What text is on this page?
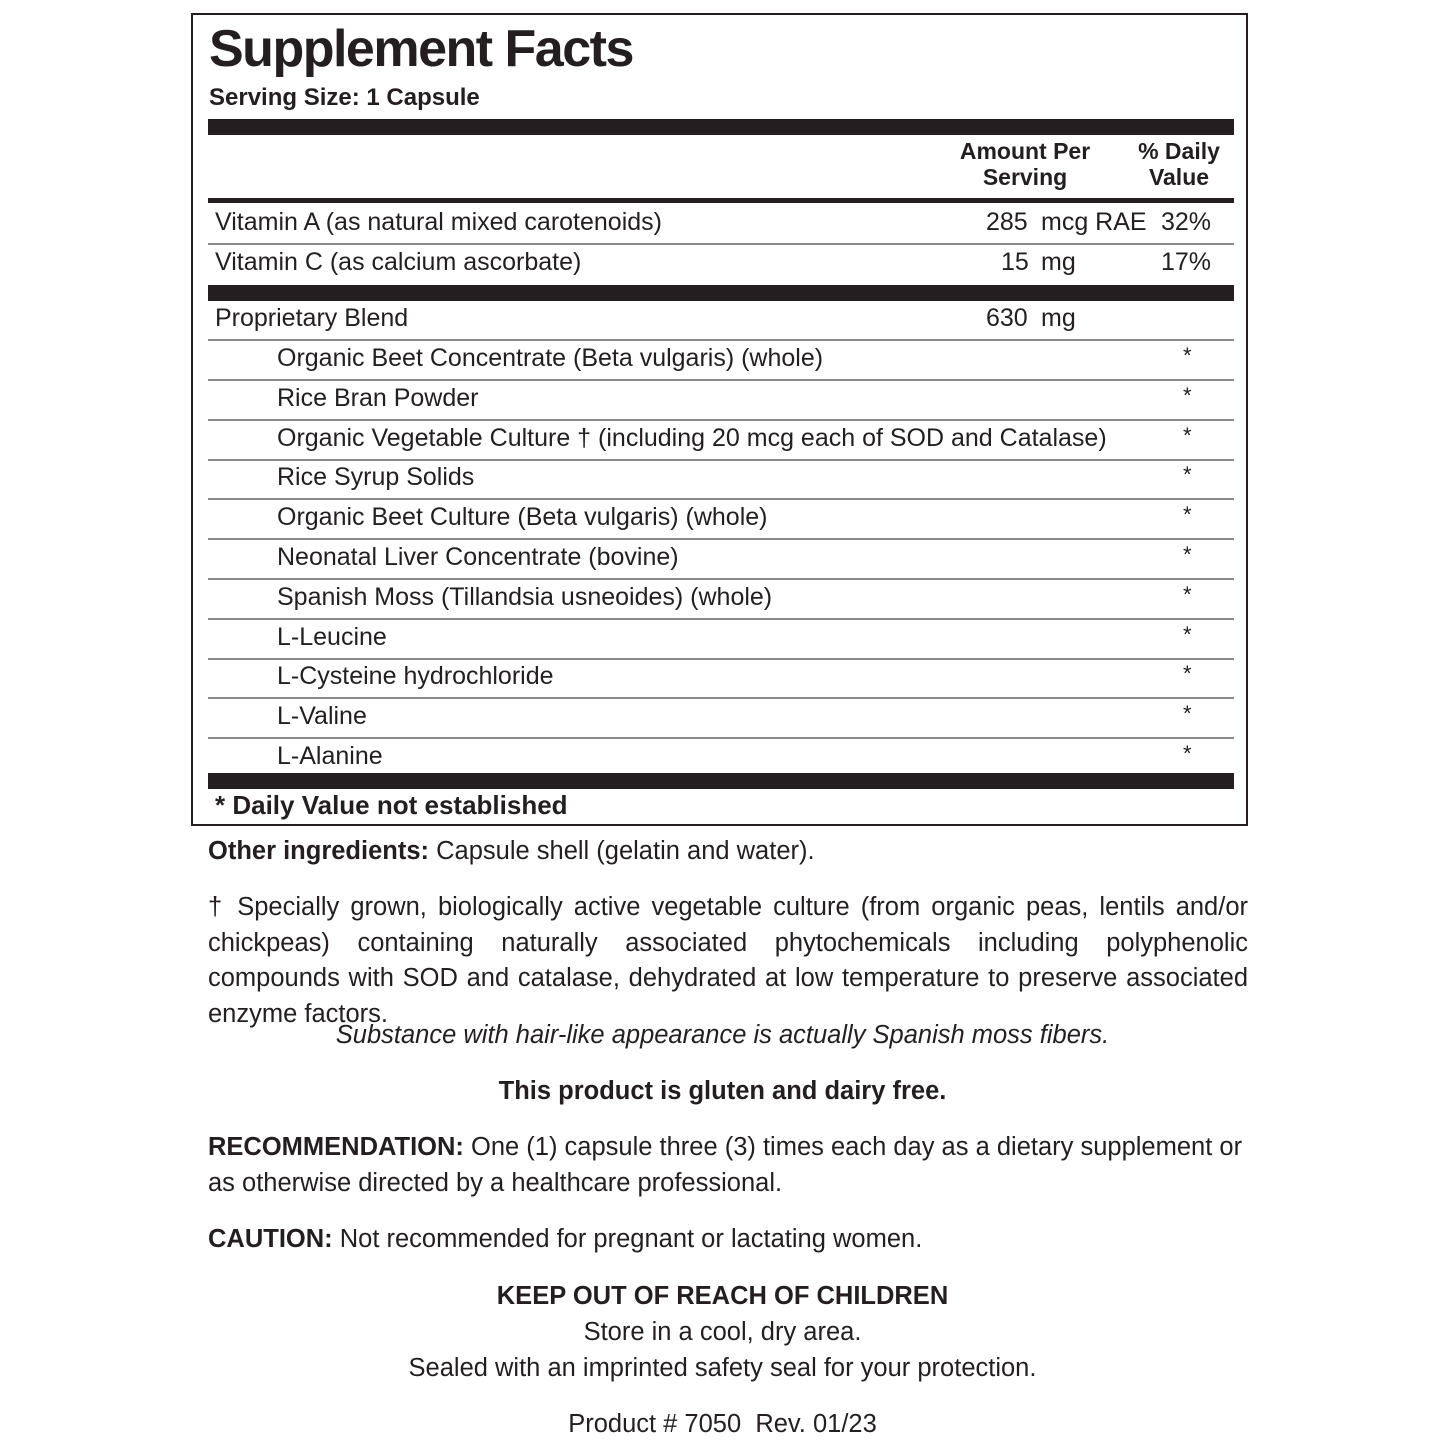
Supplement Facts
Serving Size: 1 Capsule
Amount Per
Serving
% Daily
Value
Vitamin A (as natural mixed carotenoids)	285 mcg RAE 32%
Vitamin C (as calcium ascorbate)	15 mg	17%
Proprietary Blend	630 mg
Organic Beet Concentrate (Beta vulgaris) (whole)	*
Rice Bran Powder	*
Organic Vegetable Culture † (including 20 mcg each of SOD and Catalase)	*
Rice Syrup Solids	*
Organic Beet Culture (Beta vulgaris) (whole)	*
Neonatal Liver Concentrate (bovine)	*
Spanish Moss (Tillandsia usneoides) (whole)	*
L-Leucine	*
L-Cysteine hydrochloride	*
L-Valine	*
L-Alanine	*
* Daily Value not established
Other ingredients: Capsule shell (gelatin and water).
† Specially grown, biologically active vegetable culture (from organic peas, lentils and/or chickpeas) containing naturally associated phytochemicals including polyphenolic compounds with SOD and catalase, dehydrated at low temperature to preserve associated enzyme factors.
Substance with hair-like appearance is actually Spanish moss fibers.
This product is gluten and dairy free.
RECOMMENDATION: One (1) capsule three (3) times each day as a dietary supplement or as otherwise directed by a healthcare professional.
CAUTION: Not recommended for pregnant or lactating women.
KEEP OUT OF REACH OF CHILDREN
Store in a cool, dry area.
Sealed with an imprinted safety seal for your protection.
Product # 7050  Rev. 01/23
